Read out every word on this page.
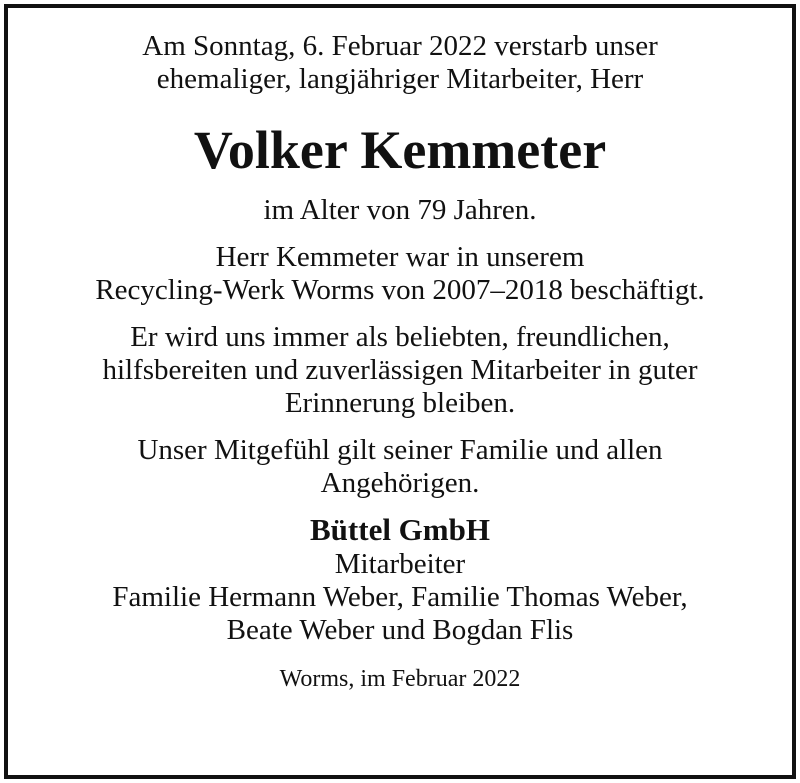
Am Sonntag, 6. Februar 2022 verstarb unser
ehemaliger, langjähriger Mitarbeiter, Herr
Volker Kemmeter
im Alter von 79 Jahren.
Herr Kemmeter war in unserem
Recycling-Werk Worms von 2007–2018 beschäftigt.
Er wird uns immer als beliebten, freundlichen,
hilfsbereiten und zuverlässigen Mitarbeiter in guter
Erinnerung bleiben.
Unser Mitgefühl gilt seiner Familie und allen
Angehörigen.
Büttel GmbH
Mitarbeiter
Familie Hermann Weber, Familie Thomas Weber,
Beate Weber und Bogdan Flis
Worms, im Februar 2022
